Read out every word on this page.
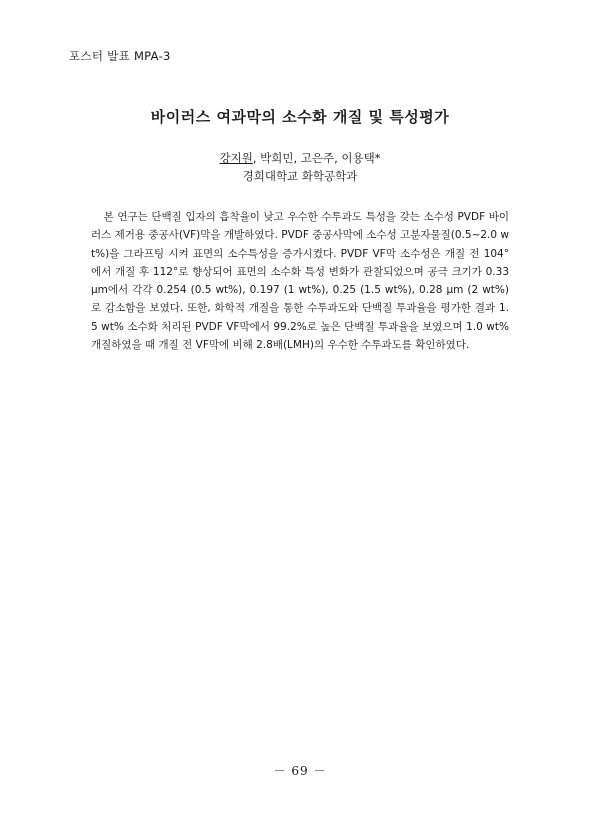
포스터 발표 MPA-3
바이러스 여과막의 소수화 개질 및 특성평가
강지원, 박희민, 고은주, 이용택*
경희대학교 화학공학과
본 연구는 단백질 입자의 흡착율이 낮고 우수한 수투과도 특성을 갖는 소수성 PVDF 바이러스 제거용 중공사(VF)막을 개발하였다. PVDF 중공사막에 소수성 고분자물질(0.5~2.0 wt%)을 그라프팅 시켜 표면의 소수특성을 증가시켰다. PVDF VF막 소수성은 개질 전 104°에서 개질 후 112°로 향상되어 표면의 소수화 특성 변화가 관찰되었으며 공극 크기가 0.33 μm에서 각각 0.254 (0.5 wt%), 0.197 (1 wt%), 0.25 (1.5 wt%), 0.28 μm (2 wt%)로 감소함을 보였다. 또한, 화학적 개질을 통한 수투과도와 단백질 투과율을 평가한 결과 1.5 wt% 소수화 처리된 PVDF VF막에서 99.2%로 높은 단백질 투과율을 보였으며 1.0 wt% 개질하였을 때 개질 전 VF막에 비해 2.8배(LMH)의 우수한 수투과도를 확인하였다.
－ 69 －
